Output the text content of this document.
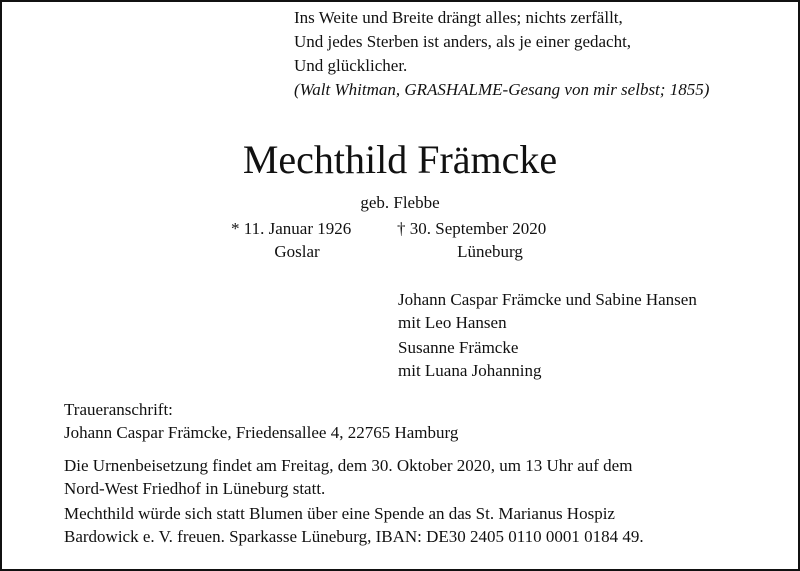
Ins Weite und Breite drängt alles; nichts zerfällt,
Und jedes Sterben ist anders, als je einer gedacht,
Und glücklicher.
(Walt Whitman, GRASHALME-Gesang von mir selbst; 1855)
Mechthild Främcke
geb. Flebbe
* 11. Januar 1926
Goslar
† 30. September 2020
Lüneburg
Johann Caspar Främcke und Sabine Hansen
mit Leo Hansen
Susanne Främcke
mit Luana Johanning
Traueranschrift:
Johann Caspar Främcke, Friedensallee 4, 22765 Hamburg
Die Urnenbeisetzung findet am Freitag, dem 30. Oktober 2020, um 13 Uhr auf dem
Nord-West Friedhof in Lüneburg statt.
Mechthild würde sich statt Blumen über eine Spende an das St. Marianus Hospiz
Bardowick e. V. freuen. Sparkasse Lüneburg, IBAN: DE30 2405 0110 0001 0184 49.
